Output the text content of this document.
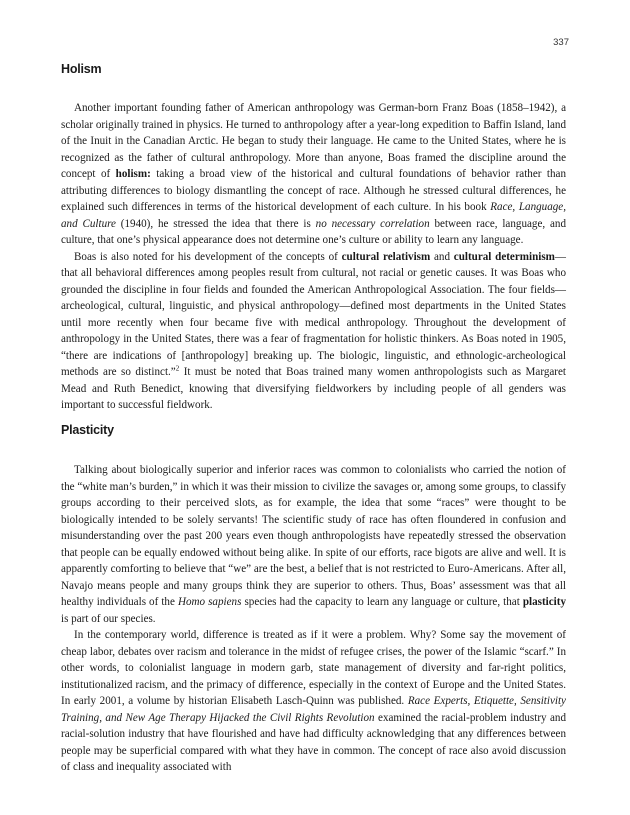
337
Holism

Another important founding father of American anthropology was German-born Franz Boas (1858–1942), a scholar originally trained in physics. He turned to anthropology after a year-long expedition to Baffin Island, land of the Inuit in the Canadian Arctic. He began to study their language. He came to the United States, where he is recognized as the father of cultural anthropology. More than anyone, Boas framed the discipline around the concept of holism: taking a broad view of the historical and cultural foundations of behavior rather than attributing differences to biology dismantling the concept of race. Although he stressed cultural differences, he explained such differences in terms of the historical development of each culture. In his book Race, Language, and Culture (1940), he stressed the idea that there is no necessary correlation between race, language, and culture, that one’s physical appearance does not determine one’s culture or ability to learn any language.

Boas is also noted for his development of the concepts of cultural relativism and cultural determinism—that all behavioral differences among peoples result from cultural, not racial or genetic causes. It was Boas who grounded the discipline in four fields and founded the American Anthropological Association. The four fields—archeological, cultural, linguistic, and physical anthropology—defined most departments in the United States until more recently when four became five with medical anthropology. Throughout the development of anthropology in the United States, there was a fear of fragmentation for holistic thinkers. As Boas noted in 1905, “there are indications of [anthropology] breaking up. The biologic, linguistic, and ethnologic-archeological methods are so distinct.”$^2$ It must be noted that Boas trained many women anthropologists such as Margaret Mead and Ruth Benedict, knowing that diversifying fieldworkers by including people of all genders was important to successful fieldwork.

Plasticity

Talking about biologically superior and inferior races was common to colonialists who carried the notion of the “white man’s burden,” in which it was their mission to civilize the savages or, among some groups, to classify groups according to their perceived slots, as for example, the idea that some “races” were thought to be biologically intended to be solely servants! The scientific study of race has often floundered in confusion and misunderstanding over the past 200 years even though anthropologists have repeatedly stressed the observation that people can be equally endowed without being alike. In spite of our efforts, race bigots are alive and well. It is apparently comforting to believe that “we” are the best, a belief that is not restricted to Euro-Americans. After all, Navajo means people and many groups think they are superior to others. Thus, Boas’ assessment was that all healthy individuals of the Homo sapiens species had the capacity to learn any language or culture, that plasticity is part of our species.

In the contemporary world, difference is treated as if it were a problem. Why? Some say the movement of cheap labor, debates over racism and tolerance in the midst of refugee crises, the power of the Islamic “scarf.” In other words, to colonialist language in modern garb, state management of diversity and far-right politics, institutionalized racism, and the primacy of difference, especially in the context of Europe and the United States. In early 2001, a volume by historian Elisabeth Lasch-Quinn was published. Race Experts, Etiquette, Sensitivity Training, and New Age Therapy Hijacked the Civil Rights Revolution examined the racial-problem industry and racial-solution industry that have flourished and have had difficulty acknowledging that any differences between people may be superficial compared with what they have in common. The concept of race also avoid discussion of class and inequality associated with
